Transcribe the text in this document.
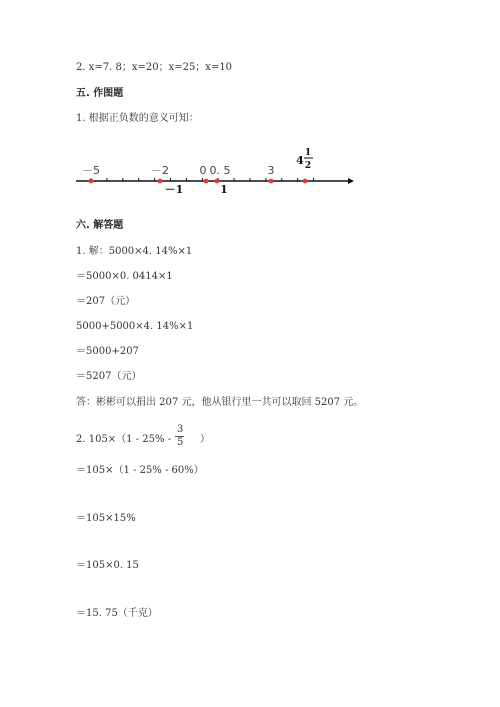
2. x=7. 8；x=20；x=25；x=10
五. 作图题
1. 根据正负数的意义可知：
－5	－2	0 0. 5	3
－1	1
4
1
2
六. 解答题
1. 解：5000×4. 14%×1
＝5000×0. 0414×1
＝207（元）
5000+5000×4. 14%×1
＝5000+207
＝5207（元）
答：彬彬可以捐出 207 元，他从银行里一共可以取回 5207 元。
2. 105×（1 - 25% -
3
5 ）
＝105×（1 - 25% - 60%）
＝105×15%
＝105×0. 15
＝15. 75（千克）
